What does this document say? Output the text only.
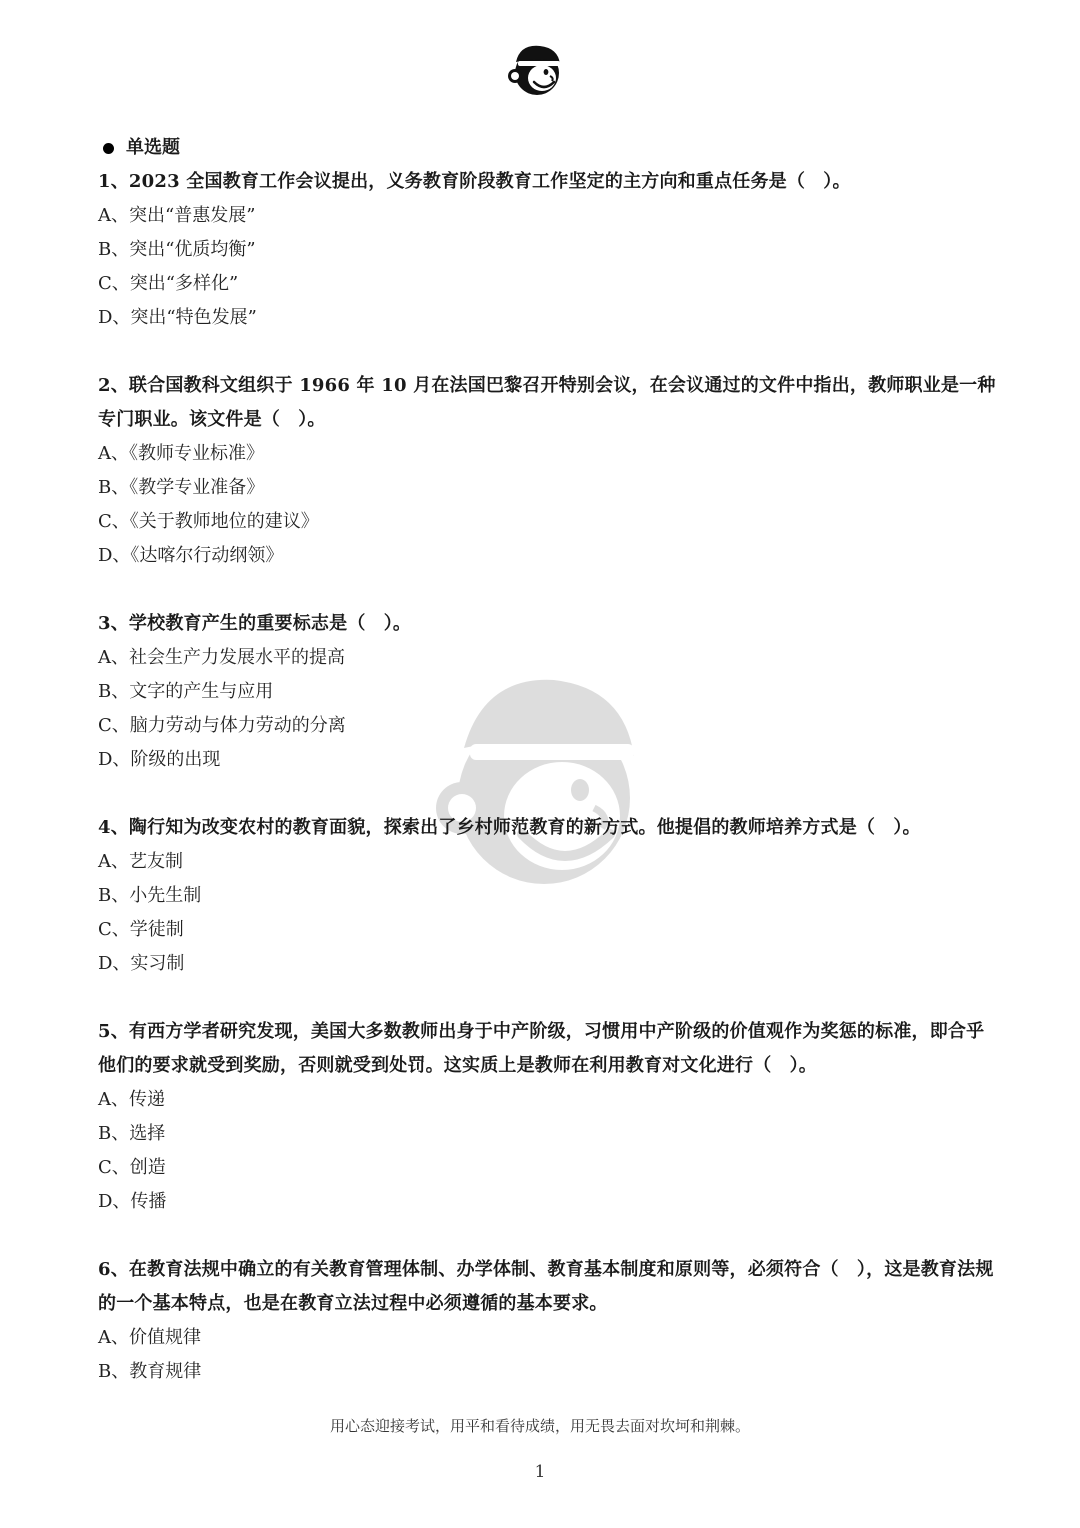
单选题
1、2023 全国教育工作会议提出，义务教育阶段教育工作坚定的主方向和重点任务是（　）。
A、突出“普惠发展”
B、突出“优质均衡”
C、突出“多样化”
D、突出“特色发展”
2、联合国教科文组织于 1966 年 10 月在法国巴黎召开特别会议，在会议通过的文件中指出，教师职业是一种专门职业。该文件是（　）。
A、《教师专业标准》
B、《教学专业准备》
C、《关于教师地位的建议》
D、《达喀尔行动纲领》
3、学校教育产生的重要标志是（　）。
A、社会生产力发展水平的提高
B、文字的产生与应用
C、脑力劳动与体力劳动的分离
D、阶级的出现
4、陶行知为改变农村的教育面貌，探索出了乡村师范教育的新方式。他提倡的教师培养方式是（　）。
A、艺友制
B、小先生制
C、学徒制
D、实习制
5、有西方学者研究发现，美国大多数教师出身于中产阶级，习惯用中产阶级的价值观作为奖惩的标准，即合乎他们的要求就受到奖励，否则就受到处罚。这实质上是教师在利用教育对文化进行（　）。
A、传递
B、选择
C、创造
D、传播
6、在教育法规中确立的有关教育管理体制、办学体制、教育基本制度和原则等，必须符合（　），这是教育法规的一个基本特点，也是在教育立法过程中必须遵循的基本要求。
A、价值规律
B、教育规律
用心态迎接考试，用平和看待成绩，用无畏去面对坎坷和荆棘。
1
